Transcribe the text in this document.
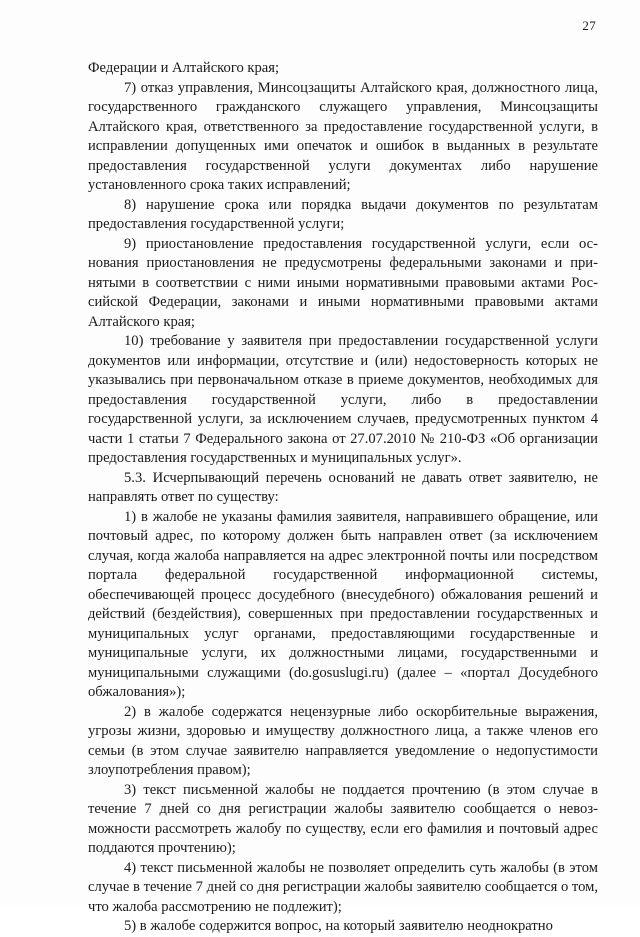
27

Федерации и Алтайского края;

7) отказ управления, Минсоцзащиты Алтайского края, должностного лица, государственного гражданского служащего управления, Минсоцзащиты Алтайского края, ответственного за предоставление государственной услуги, в исправлении допущенных ими опечаток и ошибок в выданных в результате предоставления государственной услуги документах либо нарушение установленного срока таких исправлений;

8) нарушение срока или порядка выдачи документов по результатам предоставления государственной услуги;

9) приостановление предоставления государственной услуги, если основания приостановления не предусмотрены федеральными законами и принятыми в соответствии с ними иными нормативными правовыми актами Российской Федерации, законами и иными нормативными правовыми актами Алтайского края;

10) требование у заявителя при предоставлении государственной услуги документов или информации, отсутствие и (или) недостоверность которых не указывались при первоначальном отказе в приеме документов, необходимых для предоставления государственной услуги, либо в предоставлении государственной услуги, за исключением случаев, предусмотренных пунктом 4 части 1 статьи 7 Федерального закона от 27.07.2010 № 210-ФЗ «Об организации предоставления государственных и муниципальных услуг».

5.3. Исчерпывающий перечень оснований не давать ответ заявителю, не направлять ответ по существу:

1) в жалобе не указаны фамилия заявителя, направившего обращение, или почтовый адрес, по которому должен быть направлен ответ (за исключением случая, когда жалоба направляется на адрес электронной почты или посредством портала федеральной государственной информационной системы, обеспечивающей процесс досудебного (внесудебного) обжалования решений и действий (бездействия), совершенных при предоставлении государственных и муниципальных услуг органами, предоставляющими государственные и муниципальные услуги, их должностными лицами, государственными и муниципальными служащими (do.gosuslugi.ru) (далее – «портал Досудебного обжалования»);

2) в жалобе содержатся нецензурные либо оскорбительные выражения, угрозы жизни, здоровью и имуществу должностного лица, а также членов его семьи (в этом случае заявителю направляется уведомление о недопустимости злоупотребления правом);

3) текст письменной жалобы не поддается прочтению (в этом случае в течение 7 дней со дня регистрации жалобы заявителю сообщается о невозможности рассмотреть жалобу по существу, если его фамилия и почтовый адрес поддаются прочтению);

4) текст письменной жалобы не позволяет определить суть жалобы (в этом случае в течение 7 дней со дня регистрации жалобы заявителю сообщается о том, что жалоба рассмотрению не подлежит);

5) в жалобе содержится вопрос, на который заявителю неоднократно
